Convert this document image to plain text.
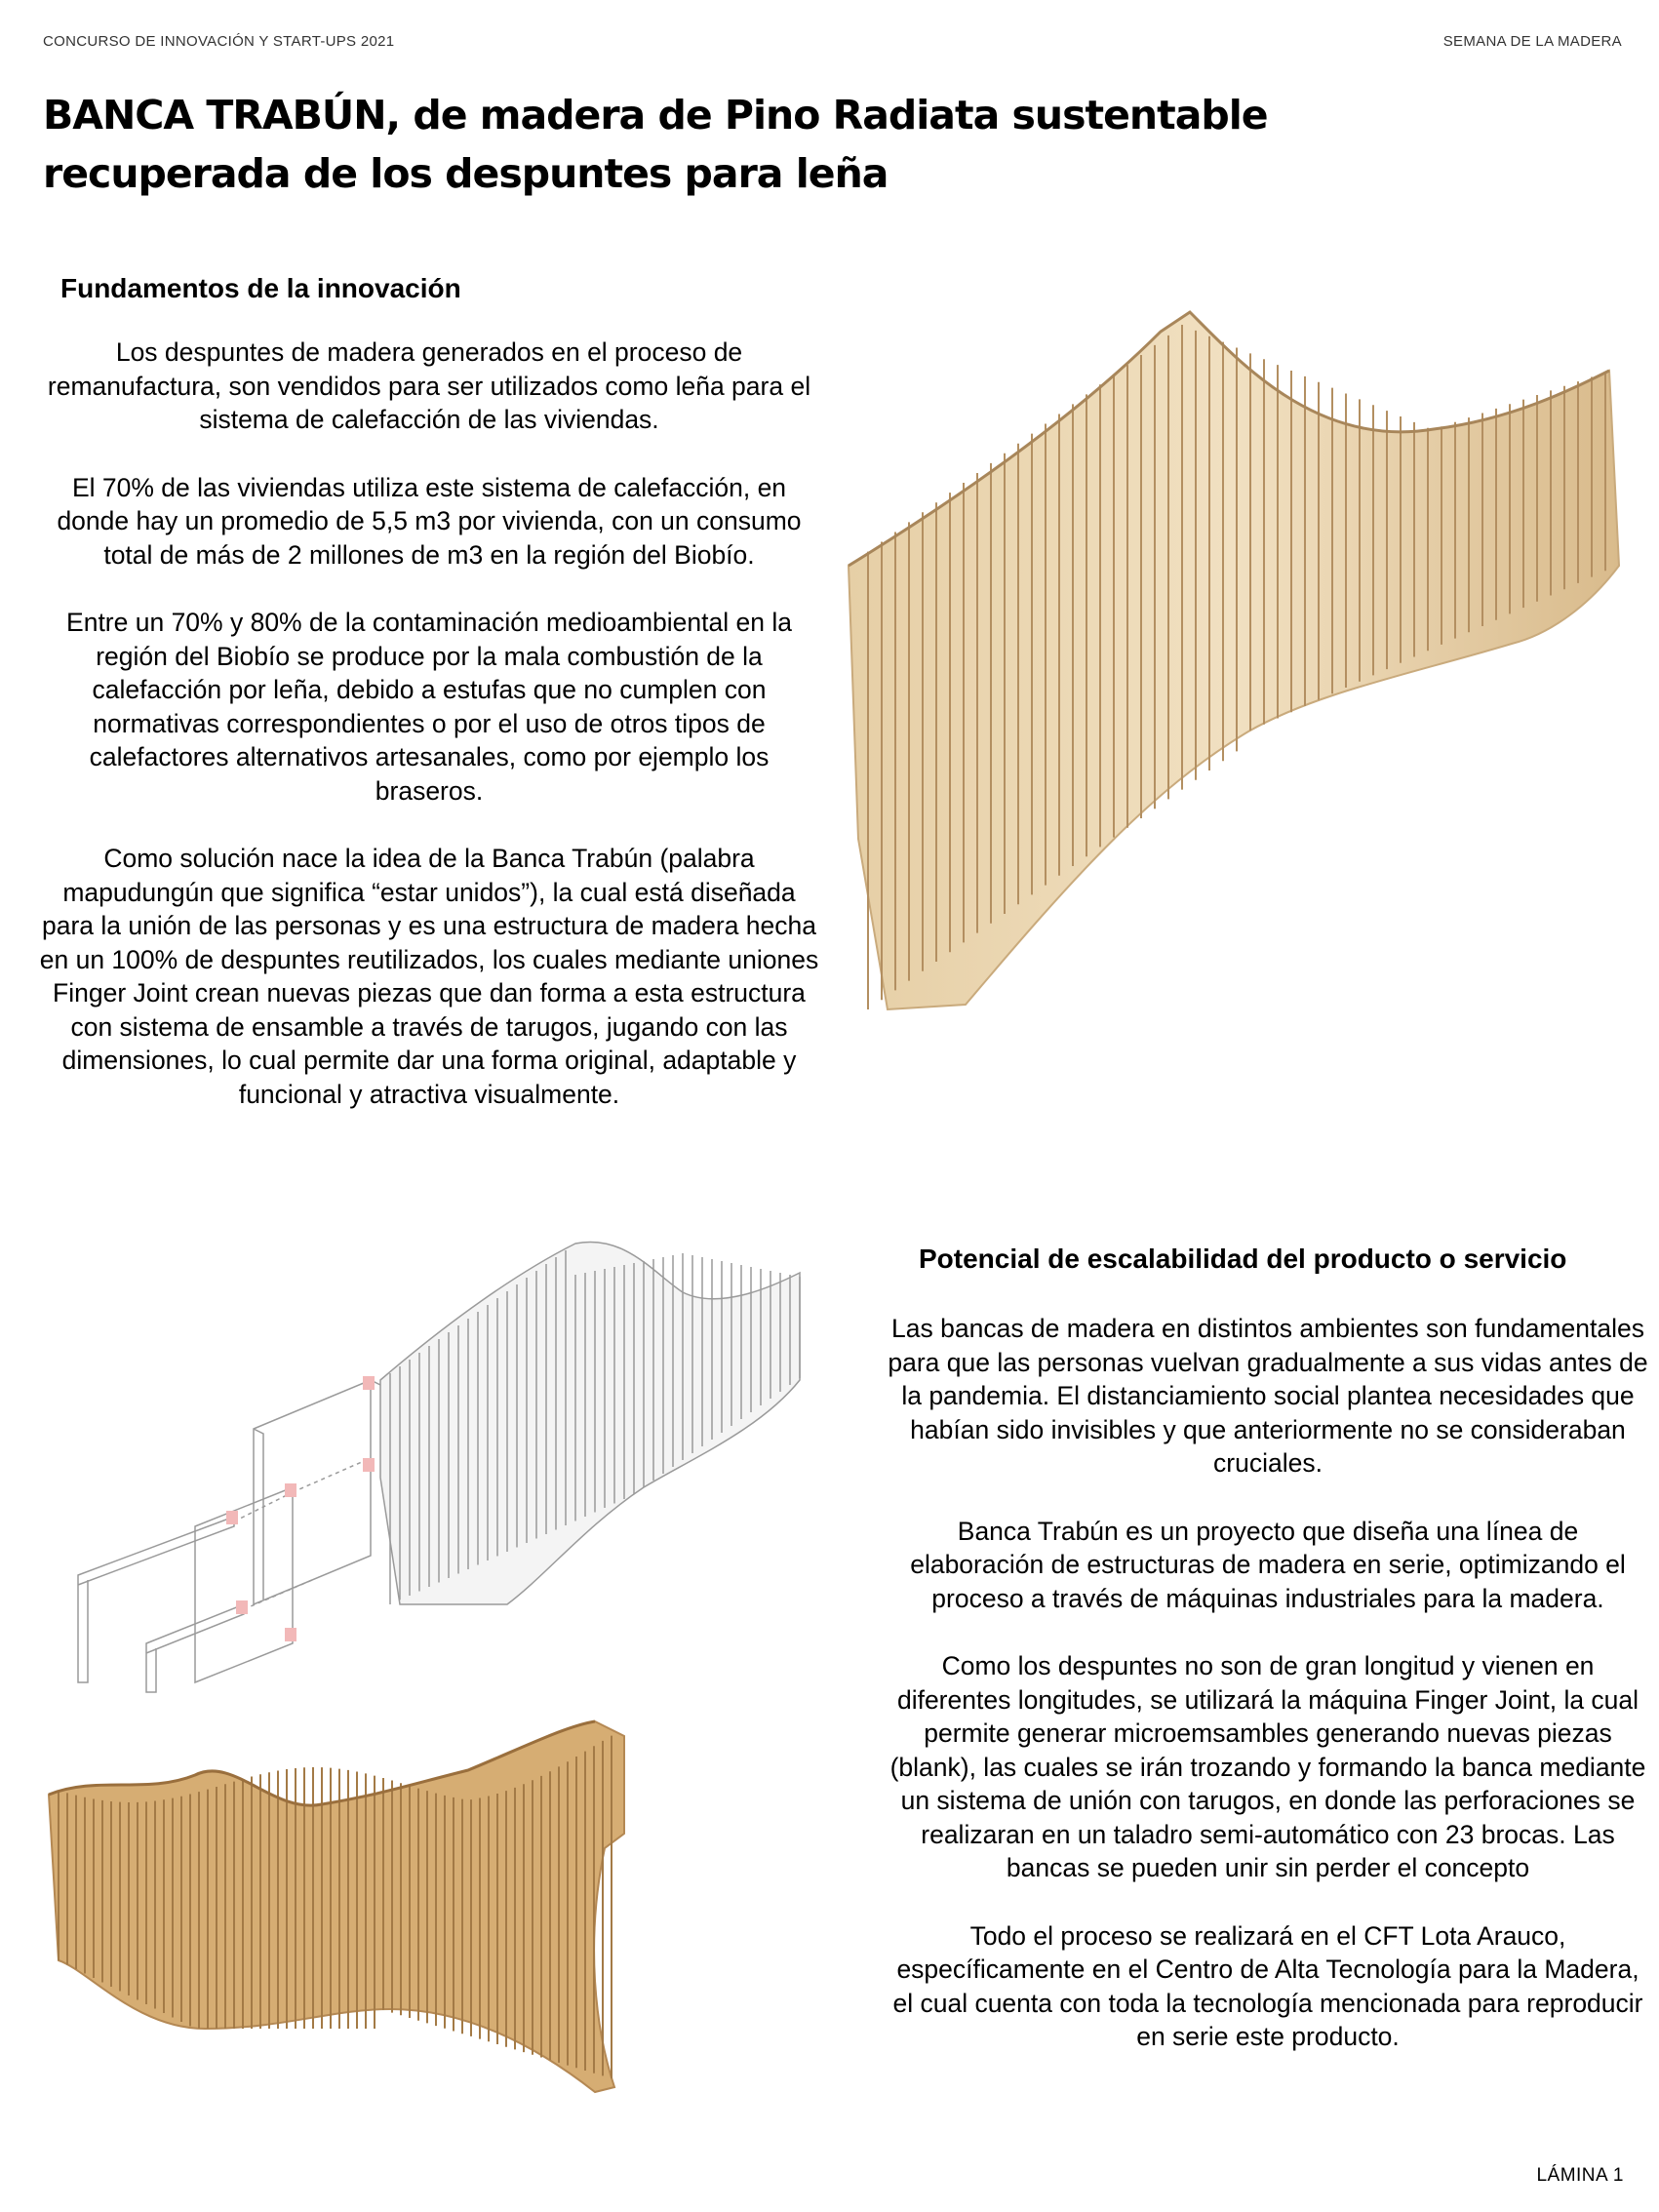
CONCURSO DE INNOVACIÓN Y START-UPS 2021	SEMANA DE LA MADERA
BANCA TRABÚN, de madera de Pino Radiata sustentable
recuperada de los despuntes para leña
Fundamentos de la innovación

Los despuntes de madera generados en el proceso de remanufactura, son vendidos para ser utilizados como leña para el sistema de calefacción de las viviendas.

El 70% de las viviendas utiliza este sistema de calefacción, en donde hay un promedio de 5,5 m3 por vivienda, con un consumo total de más de 2 millones de m3 en la región del Biobío.

Entre un 70% y 80% de la contaminación medioambiental en la región del Biobío se produce por la mala combustión de la calefacción por leña, debido a estufas que no cumplen con normativas correspondientes o por el uso de otros tipos de calefactores alternativos artesanales, como por ejemplo los braseros.

Como solución nace la idea de la Banca Trabún (palabra mapudungún que significa “estar unidos”), la cual está diseñada para la unión de las personas y es una estructura de madera hecha en un 100% de despuntes reutilizados, los cuales mediante uniones Finger Joint crean nuevas piezas que dan forma a esta estructura con sistema de ensamble a través de tarugos, jugando con las dimensiones, lo cual permite dar una forma original, adaptable y funcional y atractiva visualmente.

Potencial de escalabilidad del producto o servicio

Las bancas de madera en distintos ambientes son fundamentales para que las personas vuelvan gradualmente a sus vidas antes de la pandemia. El distanciamiento social plantea necesidades que habían sido invisibles y que anteriormente no se consideraban cruciales.

Banca Trabún es un proyecto que diseña una línea de elaboración de estructuras de madera en serie, optimizando el proceso a través de máquinas industriales para la madera.

Como los despuntes no son de gran longitud y vienen en diferentes longitudes, se utilizará la máquina Finger Joint, la cual permite generar microemsambles generando nuevas piezas (blank), las cuales se irán trozando y formando la banca mediante un sistema de unión con tarugos, en donde las perforaciones se realizaran en un taladro semi-automático con 23 brocas. Las bancas se pueden unir sin perder el concepto

Todo el proceso se realizará en el CFT Lota Arauco, específicamente en el Centro de Alta Tecnología para la Madera, el cual cuenta con toda la tecnología mencionada para reproducir en serie este producto.

LÁMINA 1
